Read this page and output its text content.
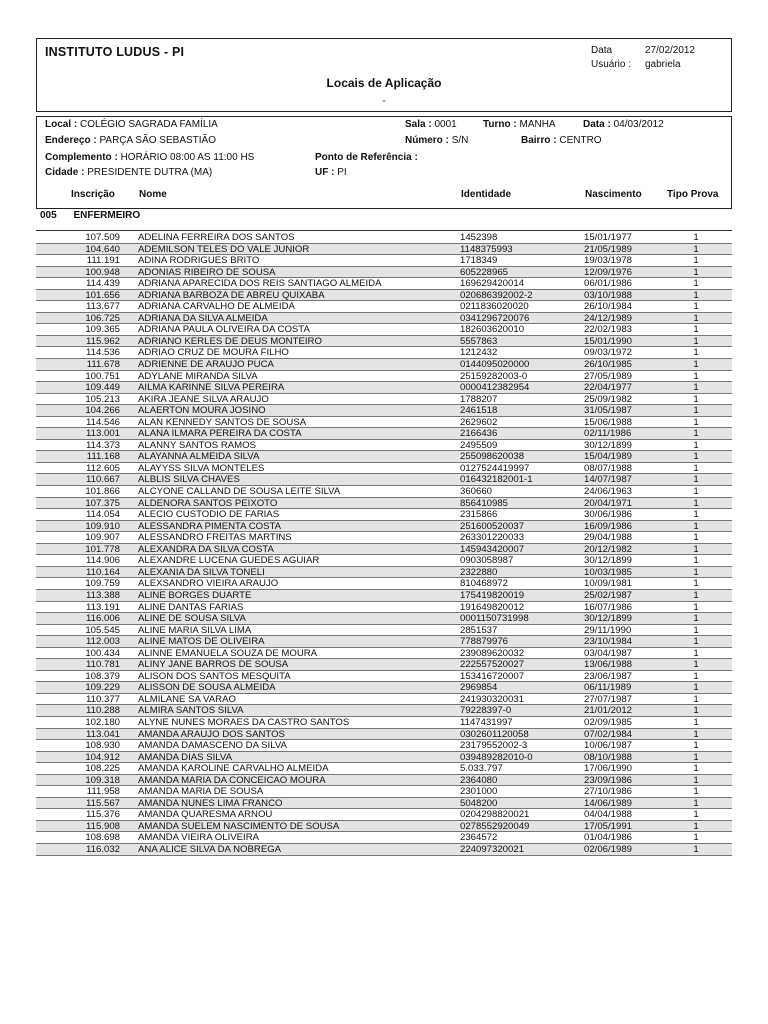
INSTITUTO LUDUS - PI
Locais de Aplicação
-
Data
Usuário :
27/02/2012
gabriela
Local : COLÉGIO SAGRADA FAMÍLIA	Sala : 0001	Turno : MANHA	Data : 04/03/2012
Endereço : PARÇA SÃO SEBASTIÃO	Número : S/N	Bairro : CENTRO
Complemento : HORÁRIO 08:00 AS 11:00 HS	Ponto de Referência :
Cidade : PRESIDENTE DUTRA (MA)	UF : PI
Inscrição Nome	Identidade	Nascimento	Tipo Prova
005 ENFERMEIRO
107.509 ADELINA FERREIRA DOS SANTOS	1452398	15/01/1977	1
104.640 ADEMILSON TELES DO VALE JUNIOR	1148375993	21/05/1989	1
111.191 ADINA RODRIGUES BRITO	1718349	19/03/1978	1
100.948 ADONIAS RIBEIRO DE SOUSA	605228965	12/09/1976	1
114.439 ADRIANA APARECIDA DOS REIS SANTIAGO ALMEIDA	169629420014	06/01/1986	1
101.656 ADRIANA BARBOZA DE ABREU QUIXABA	020686392002-2	03/10/1988	1
113.677 ADRIANA CARVALHO DE ALMEIDA	0211836020020	26/10/1984	1
106.725 ADRIANA DA SILVA ALMEIDA	0341296720076	24/12/1989	1
109.365 ADRIANA PAULA OLIVEIRA DA COSTA	182603620010	22/02/1983	1
115.962 ADRIANO KERLES DE DEUS MONTEIRO	5557863	15/01/1990	1
114.536 ADRIAO CRUZ DE MOURA FILHO	1212432	09/03/1972	1
111.678 ADRIENNE DE ARAUJO PUCA	0144095020000	26/10/1985	1
100.751 ADYLANE MIRANDA SILVA	25159282003-0	27/05/1989	1
109.449 AILMA KARINNE SILVA PEREIRA	0000412382954	22/04/1977	1
105.213 AKIRA JEANE SILVA ARAUJO	1788207	25/09/1982	1
104.266 ALAERTON MOURA JOSINO	2461518	31/05/1987	1
114.546 ALAN KENNEDY SANTOS DE SOUSA	2629602	15/06/1988	1
113.001 ALANA ILMARA PEREIRA DA COSTA	2166436	02/11/1986	1
114.373 ALANNY SANTOS RAMOS	2495509	30/12/1899	1
111.168 ALAYANNA ALMEIDA SILVA	255098620038	15/04/1989	1
112.605 ALAYYSS SILVA MONTELES	0127524419997	08/07/1988	1
110.667 ALBLIS SILVA CHAVES	016432182001-1	14/07/1987	1
101.866 ALCYONE CALLAND DE SOUSA LEITE SILVA	360660	24/06/1963	1
107.375 ALDENORA SANTOS PEIXOTO	856410985	20/04/1971	1
114.054 ALECIO CUSTODIO DE FARIAS	2315866	30/06/1986	1
109.910 ALESSANDRA PIMENTA COSTA	251600520037	16/09/1986	1
109.907 ALESSANDRO FREITAS MARTINS	263301220033	29/04/1988	1
101.778 ALEXANDRA DA SILVA COSTA	145943420007	20/12/1982	1
114.906 ALEXANDRE LUCENA GUEDES AGUIAR	0903058987	30/12/1899	1
110.164 ALEXANIA DA SILVA TONELI	2322880	10/03/1985	1
109.759 ALEXSANDRO VIEIRA ARAUJO	810468972	10/09/1981	1
113.388 ALINE BORGES DUARTE	175419820019	25/02/1987	1
113.191 ALINE DANTAS FARIAS	191649820012	16/07/1986	1
116.006 ALINE DE SOUSA SILVA	0001150731998	30/12/1899	1
105.545 ALINE MARIA SILVA LIMA	2851537	29/11/1990	1
112.003 ALINE MATOS DE OLIVEIRA	778879976	23/10/1984	1
100.434 ALINNE EMANUELA SOUZA DE MOURA	239089620032	03/04/1987	1
110.781 ALINY JANE BARROS DE SOUSA	222557520027	13/06/1988	1
108.379 ALISON DOS SANTOS MESQUITA	153416720007	23/06/1987	1
109.229 ALISSON DE SOUSA ALMEIDA	2969854	06/11/1989	1
110.377 ALMILANE SA VARAO	241930320031	27/07/1987	1
110.288 ALMIRA SANTOS SILVA	79228397-0	21/01/2012	1
102.180 ALYNE NUNES MORAES DA CASTRO SANTOS	1147431997	02/09/1985	1
113.041 AMANDA ARAUJO DOS SANTOS	0302601120058	07/02/1984	1
108.930 AMANDA DAMASCENO DA SILVA	23179552002-3	10/06/1987	1
104.912 AMANDA DIAS SILVA	039489282010-0	08/10/1988	1
108.225 AMANDA KAROLINE CARVALHO ALMEIDA	5.033.797	17/06/1990	1
109.318 AMANDA MARIA DA CONCEICAO MOURA	2364080	23/09/1986	1
111.958 AMANDA MARIA DE SOUSA	2301000	27/10/1986	1
115.567 AMANDA NUNES LIMA FRANCO	5048200	14/06/1989	1
115.376 AMANDA QUARESMA ARNOU	0204298820021	04/04/1988	1
115.908 AMANDA SUELEM NASCIMENTO DE SOUSA	0278552920049	17/05/1991	1
108.698 AMANDA VIEIRA OLIVEIRA	2364572	01/04/1986	1
116.032 ANA ALICE SILVA DA NOBREGA	224097320021	02/06/1989	1
